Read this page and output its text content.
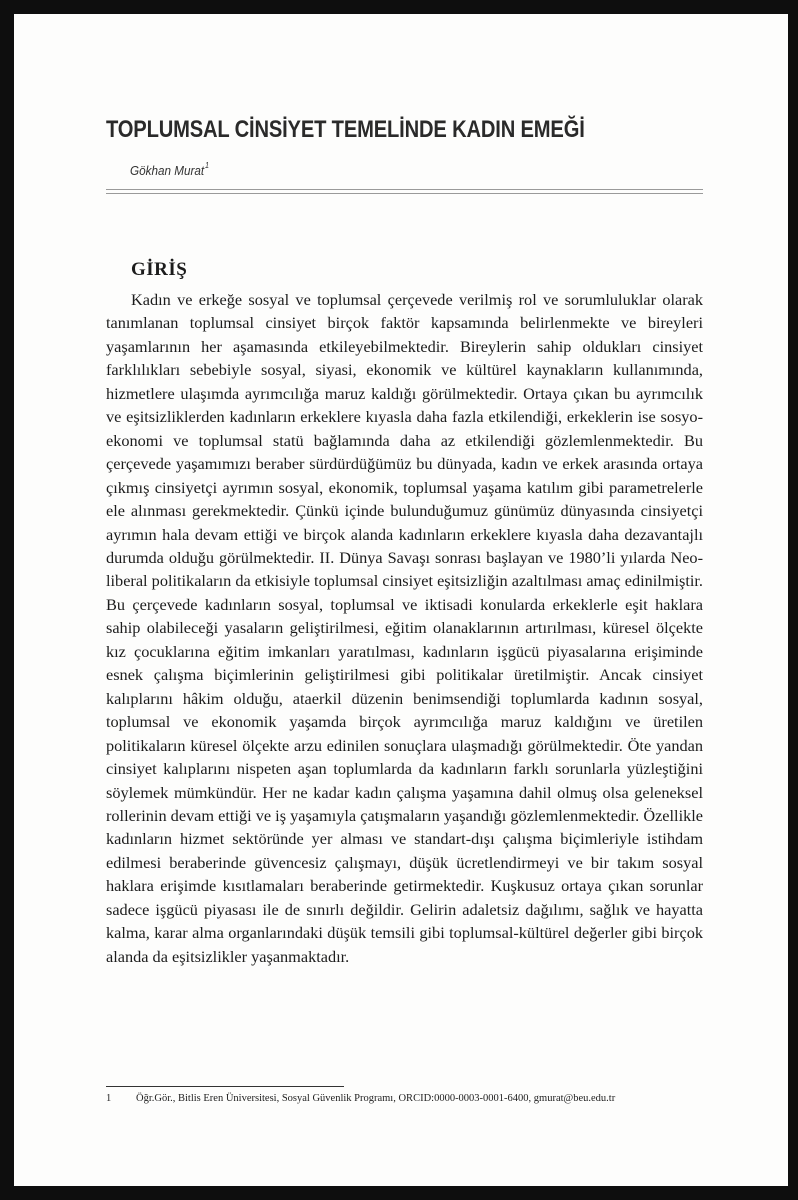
TOPLUMSAL CİNSİYET TEMELİNDE KADIN EMEĞİ
Gökhan Murat$^1$
GİRİŞ

Kadın ve erkeğe sosyal ve toplumsal çerçevede verilmiş rol ve sorumluluklar olarak tanımlanan toplumsal cinsiyet birçok faktör kapsamında belirlenmekte ve bireyleri yaşamlarının her aşamasında etkileyebilmektedir. Bireylerin sahip oldukları cinsiyet farklılıkları sebebiyle sosyal, siyasi, ekonomik ve kültürel kaynakların kullanımında, hizmetlere ulaşımda ayrımcılığa maruz kaldığı görülmektedir. Ortaya çıkan bu ayrımcılık ve eşitsizliklerden kadınların erkeklere kıyasla daha fazla etkilendiği, erkeklerin ise sosyo-ekonomi ve toplumsal statü bağlamında daha az etkilendiği gözlemlenmektedir. Bu çerçevede yaşamımızı beraber sürdürdüğümüz bu dünyada, kadın ve erkek arasında ortaya çıkmış cinsiyetçi ayrımın sosyal, ekonomik, toplumsal yaşama katılım gibi parametrelerle ele alınması gerekmektedir. Çünkü içinde bulunduğumuz günümüz dünyasında cinsiyetçi ayrımın hala devam ettiği ve birçok alanda kadınların erkeklere kıyasla daha dezavantajlı durumda olduğu görülmektedir. II. Dünya Savaşı sonrası başlayan ve 1980’li yılarda Neo-liberal politikaların da etkisiyle toplumsal cinsiyet eşitsizliğin azaltılması amaç edinilmiştir. Bu çerçevede kadınların sosyal, toplumsal ve iktisadi konularda erkeklerle eşit haklara sahip olabileceği yasaların geliştirilmesi, eğitim olanaklarının artırılması, küresel ölçekte kız çocuklarına eğitim imkanları yaratılması, kadınların işgücü piyasalarına erişiminde esnek çalışma biçimlerinin geliştirilmesi gibi politikalar üretilmiştir. Ancak cinsiyet kalıplarını hâkim olduğu, ataerkil düzenin benimsendiği toplumlarda kadının sosyal, toplumsal ve ekonomik yaşamda birçok ayrımcılığa maruz kaldığını ve üretilen politikaların küresel ölçekte arzu edinilen sonuçlara ulaşmadığı görülmektedir. Öte yandan cinsiyet kalıplarını nispeten aşan toplumlarda da kadınların farklı sorunlarla yüzleştiğini söylemek mümkündür. Her ne kadar kadın çalışma yaşamına dahil olmuş olsa geleneksel rollerinin devam ettiği ve iş yaşamıyla çatışmaların yaşandığı gözlemlenmektedir. Özellikle kadınların hizmet sektöründe yer alması ve standart-dışı çalışma biçimleriyle istihdam edilmesi beraberinde güvencesiz çalışmayı, düşük ücretlendirmeyi ve bir takım sosyal haklara erişimde kısıtlamaları beraberinde getirmektedir. Kuşkusuz ortaya çıkan sorunlar sadece işgücü piyasası ile de sınırlı değildir. Gelirin adaletsiz dağılımı, sağlık ve hayatta kalma, karar alma organlarındaki düşük temsili gibi toplumsal-kültürel değerler gibi birçok alanda da eşitsizlikler yaşanmaktadır.

1 Öğr.Gör., Bitlis Eren Üniversitesi, Sosyal Güvenlik Programı, ORCID:0000-0003-0001-6400, gmurat@beu.edu.tr
